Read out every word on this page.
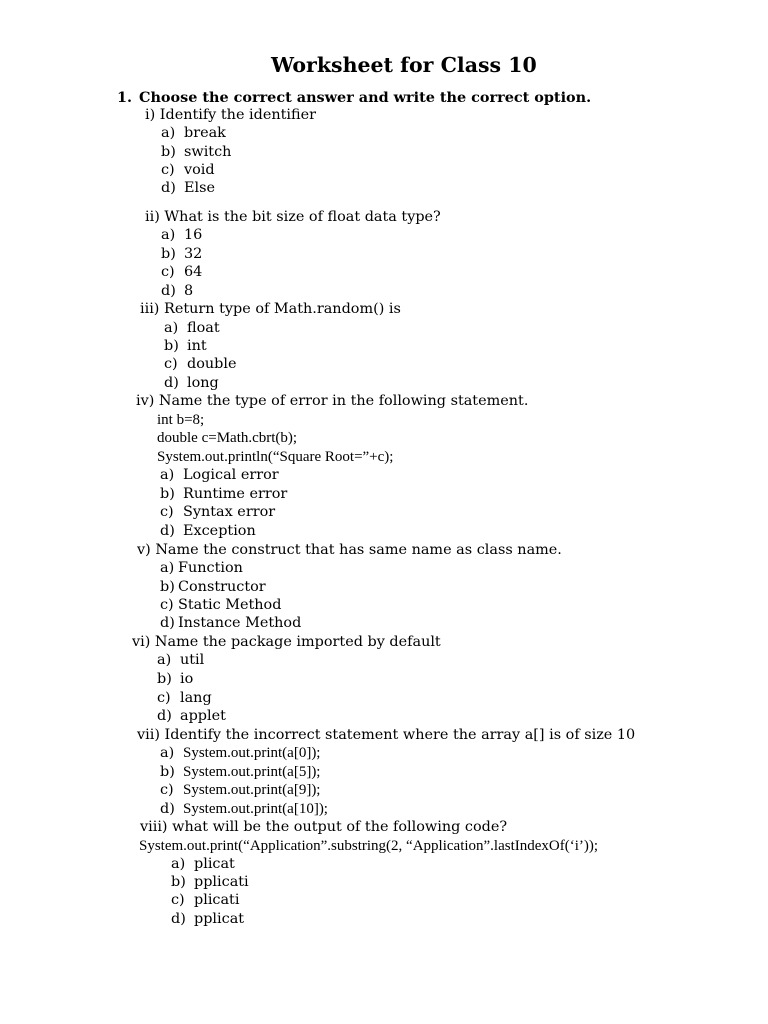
Worksheet for Class 10
1. Choose the correct answer and write the correct option.
i) Identify the identifier
a) break
b) switch
c) void
d) Else
ii) What is the bit size of float data type?
a) 16
b) 32
c) 64
d) 8
iii) Return type of Math.random() is
a) float
b) int
c) double
d) long
iv) Name the type of error in the following statement.
int b=8;
double c=Math.cbrt(b);
System.out.println(“Square Root=”+c);
a) Logical error
b) Runtime error
c) Syntax error
d) Exception
v) Name the construct that has same name as class name.
a) Function
b) Constructor
c) Static Method
d) Instance Method
vi) Name the package imported by default
a) util
b) io
c) lang
d) applet
vii) Identify the incorrect statement where the array a[] is of size 10
a) System.out.print(a[0]);
b) System.out.print(a[5]);
c) System.out.print(a[9]);
d) System.out.print(a[10]);
viii) what will be the output of the following code?
System.out.print(“Application”.substring(2, “Application”.lastIndexOf(‘i’));
a) plicat
b) pplicati
c) plicati
d) pplicat
